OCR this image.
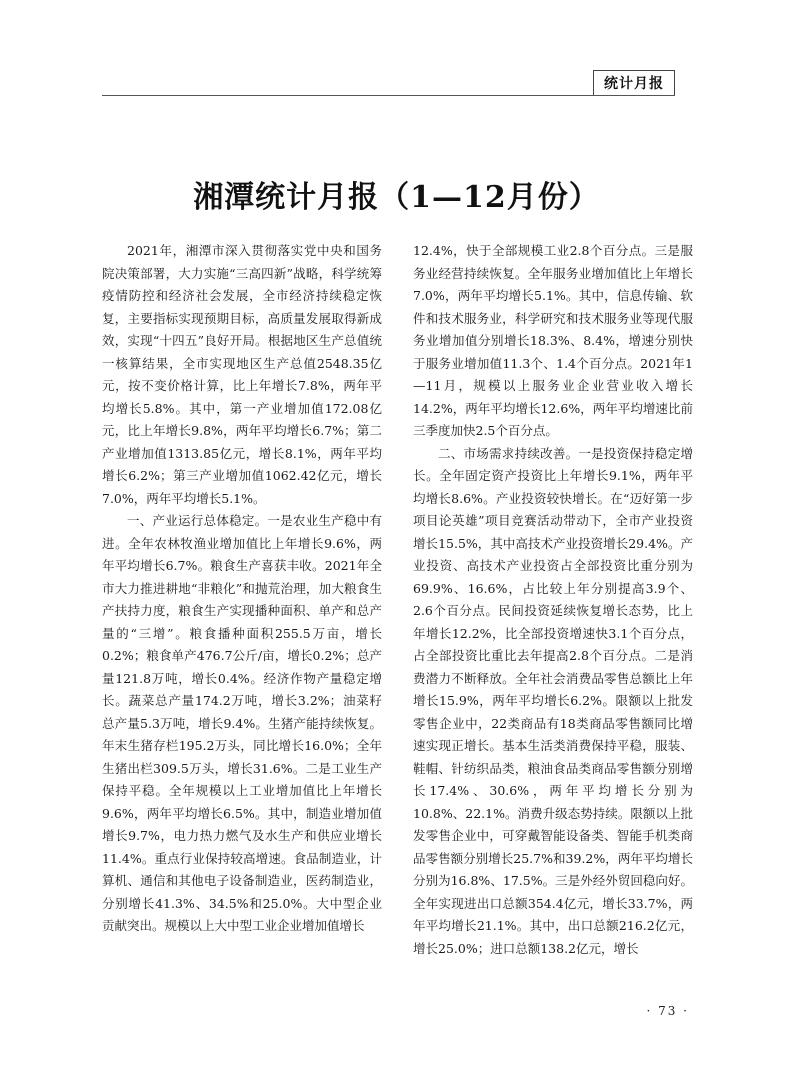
统计月报
湘潭统计月报（1—12月份）

2021年，湘潭市深入贯彻落实党中央和国务院决策部署，大力实施“三高四新”战略，科学统筹疫情防控和经济社会发展，全市经济持续稳定恢复，主要指标实现预期目标，高质量发展取得新成效，实现“十四五”良好开局。根据地区生产总值统一核算结果，全市实现地区生产总值2548.35亿元，按不变价格计算，比上年增长7.8%，两年平均增长5.8%。其中，第一产业增加值172.08亿元，比上年增长9.8%，两年平均增长6.7%；第二产业增加值1313.85亿元，增长8.1%，两年平均增长6.2%；第三产业增加值1062.42亿元，增长7.0%，两年平均增长5.1%。

一、产业运行总体稳定。一是农业生产稳中有进。全年农林牧渔业增加值比上年增长9.6%，两年平均增长6.7%。粮食生产喜获丰收。2021年全市大力推进耕地“非粮化”和抛荒治理，加大粮食生产扶持力度，粮食生产实现播种面积、单产和总产量的“三增”。粮食播种面积255.5万亩，增长0.2%；粮食单产476.7公斤/亩，增长0.2%；总产量121.8万吨，增长0.4%。经济作物产量稳定增长。蔬菜总产量174.2万吨，增长3.2%；油菜籽总产量5.3万吨，增长9.4%。生猪产能持续恢复。年末生猪存栏195.2万头，同比增长16.0%；全年生猪出栏309.5万头，增长31.6%。二是工业生产保持平稳。全年规模以上工业增加值比上年增长9.6%，两年平均增长6.5%。其中，制造业增加值增长9.7%，电力热力燃气及水生产和供应业增长11.4%。重点行业保持较高增速。食品制造业，计算机、通信和其他电子设备制造业，医药制造业，分别增长41.3%、34.5%和25.0%。大中型企业贡献突出。规模以上大中型工业企业增加值增长

12.4%，快于全部规模工业2.8个百分点。三是服务业经营持续恢复。全年服务业增加值比上年增长7.0%，两年平均增长5.1%。其中，信息传输、软件和技术服务业，科学研究和技术服务业等现代服务业增加值分别增长18.3%、8.4%，增速分别快于服务业增加值11.3个、1.4个百分点。2021年1—11月，规模以上服务业企业营业收入增长14.2%，两年平均增长12.6%，两年平均增速比前三季度加快2.5个百分点。

二、市场需求持续改善。一是投资保持稳定增长。全年固定资产投资比上年增长9.1%，两年平均增长8.6%。产业投资较快增长。在“迈好第一步 项目论英雄”项目竞赛活动带动下，全市产业投资增长15.5%，其中高技术产业投资增长29.4%。产业投资、高技术产业投资占全部投资比重分别为69.9%、16.6%，占比较上年分别提高3.9个、2.6个百分点。民间投资延续恢复增长态势，比上年增长12.2%，比全部投资增速快3.1个百分点，占全部投资比重比去年提高2.8个百分点。二是消费潜力不断释放。全年社会消费品零售总额比上年增长15.9%，两年平均增长6.2%。限额以上批发零售企业中，22类商品有18类商品零售额同比增速实现正增长。基本生活类消费保持平稳，服装、鞋帽、针纺织品类，粮油食品类商品零售额分别增长17.4%、30.6%，两年平均增长分别为10.8%、22.1%。消费升级态势持续。限额以上批发零售企业中，可穿戴智能设备类、智能手机类商品零售额分别增长25.7%和39.2%，两年平均增长分别为16.8%、17.5%。三是外经外贸回稳向好。全年实现进出口总额354.4亿元，增长33.7%，两年平均增长21.1%。其中，出口总额216.2亿元，增长25.0%；进口总额138.2亿元，增长

· 73 ·
